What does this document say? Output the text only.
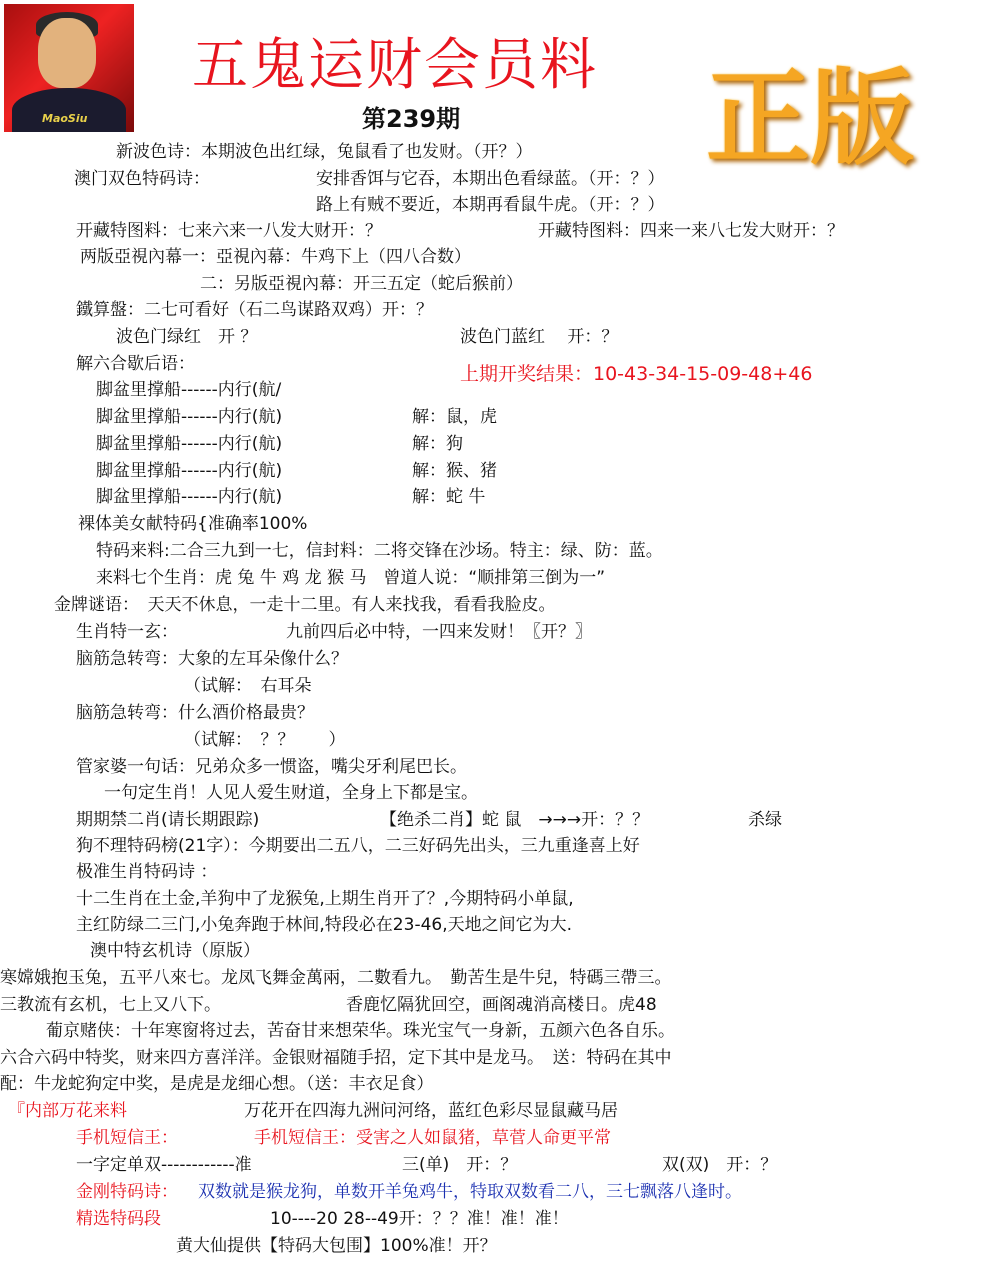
MaoSiu
五鬼运财会员料
第239期 正版
新波色诗：本期波色出红绿，兔鼠看了也发财。（开？）
澳门双色特码诗：	安排香饵与它吞，本期出色看绿蓝。（开：？）
路上有贼不要近，本期再看鼠牛虎。（开：？）
开藏特图料：七来六来一八发大财开：？	开藏特图料：四来一来八七发大财开：？
两版亞視內幕一：亞視內幕：牛鸡下上（四八合数）
二：另版亞視內幕：开三五定（蛇后猴前）
鐵算盤：二七可看好（石二鸟谋路双鸡）开：？
波色门绿红　开 ？	波色门蓝红　 开：？
解六合歇后语：	上期开奖结果：10-43-34-15-09-48+46
脚盆里撑船------内行(航/
脚盆里撑船------内行(航)	解：鼠，虎
脚盆里撑船------内行(航)	解：狗
脚盆里撑船------内行(航)	解：猴、猪
脚盆里撑船------内行(航)	解：蛇 牛
裸体美女献特码{准确率100%
特码来料:二合三九到一七，信封料：二将交锋在沙场。特主：绿、防：蓝。
来料七个生肖：虎 兔 牛 鸡 龙 猴 马　曾道人说：“顺排第三倒为一”
金牌谜语：　天天不休息，一走十二里。有人来找我，看看我脸皮。
生肖特一玄：	九前四后必中特，一四来发财！〖开？〗
脑筋急转弯：大象的左耳朵像什么？
（试解：　右耳朵
脑筋急转弯：什么酒价格最贵？
（试解：　？？　　）
管家婆一句话：兄弟众多一惯盗，嘴尖牙利尾巴长。
一句定生肖！人见人爱生财道，全身上下都是宝。
期期禁二肖(请长期跟踪)	【绝杀二肖】蛇 鼠　→→→开：？？	杀绿
狗不理特码榜(21字）：今期要出二五八，二三好码先出头，三九重逢喜上好
极准生肖特码诗 ：
十二生肖在土金,羊狗中了龙猴兔,上期生肖开了？,今期特码小单鼠,
主红防绿二三门,小兔奔跑于林间,特段必在23-46,天地之间它为大.
澳中特玄机诗（原版）
寒嫦娥抱玉兔，五平八來七。龙凤飞舞金萬兩，二數看九。　勤苦生是牛兒，特碼三帶三。
三教流有玄机，七上又八下。	香鹿忆隔犹回空，画阁魂消高楼日。虎48
葡京赌侠：十年寒窗将过去，苦奋甘来想荣华。珠光宝气一身新，五颜六色各自乐。
六合六码中特奖，财来四方喜洋洋。金银财福随手招，定下其中是龙马。　送：特码在其中
配：牛龙蛇狗定中奖，是虎是龙细心想。（送：丰衣足食）
『内部万花来料	万花开在四海九洲问河络，蓝红色彩尽显鼠藏马居
手机短信王：	手机短信王：受害之人如鼠猪，草菅人命更平常
一字定单双------------准	三(单)　开：？	双(双)　开：？
金刚特码诗： 双数就是猴龙狗，单数开羊兔鸡牛，特取双数看二八，三七飘落八逢时。
精选特码段	10----20 28--49开：？？准！准！准！
黄大仙提供【特码大包围】100%准！开？
